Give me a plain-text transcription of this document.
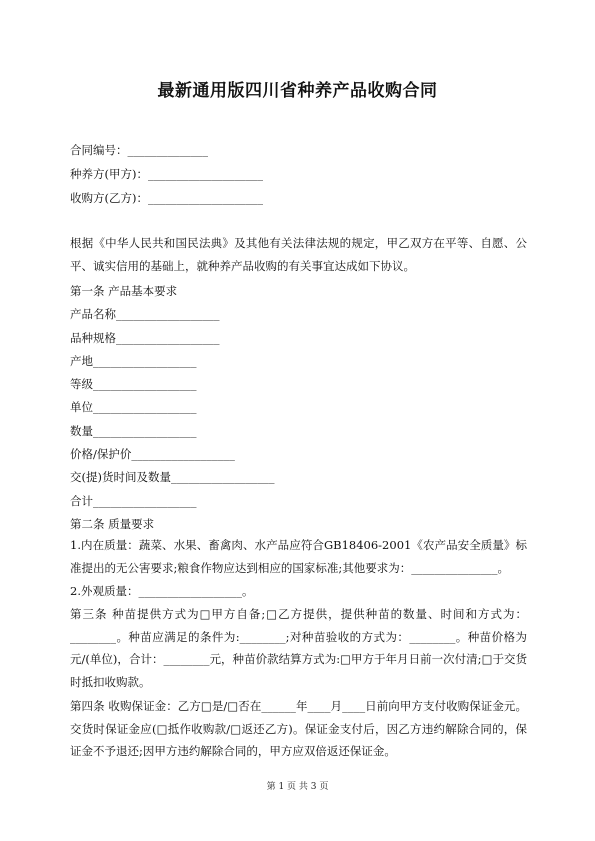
最新通用版四川省种养产品收购合同
合同编号：______________
种养方(甲方)：____________________
收购方(乙方)：____________________
根据《中华人民共和国民法典》及其他有关法律法规的规定，甲乙双方在平等、自愿、公平、诚实信用的基础上，就种养产品收购的有关事宜达成如下协议。
第一条 产品基本要求
产品名称__________________
品种规格__________________
产地__________________
等级__________________
单位__________________
数量__________________
价格/保护价__________________
交(提)货时间及数量__________________
合计__________________
第二条 质量要求
1.内在质量：蔬菜、水果、畜禽肉、水产品应符合GB18406-2001《农产品安全质量》标准提出的无公害要求;粮食作物应达到相应的国家标准;其他要求为：_______________。
2.外观质量：__________________。
第三条 种苗提供方式为□甲方自备;□乙方提供，提供种苗的数量、时间和方式为：________。种苗应满足的条件为:________;对种苗验收的方式为：________。种苗价格为元/(单位)，合计：________元，种苗价款结算方式为:□甲方于年月日前一次付清;□于交货时抵扣收购款。
第四条 收购保证金：乙方□是/□否在______年____月____日前向甲方支付收购保证金元。交货时保证金应(□抵作收购款/□返还乙方)。保证金支付后，因乙方违约解除合同的，保证金不予退还;因甲方违约解除合同的，甲方应双倍返还保证金。
第 1 页 共 3 页
